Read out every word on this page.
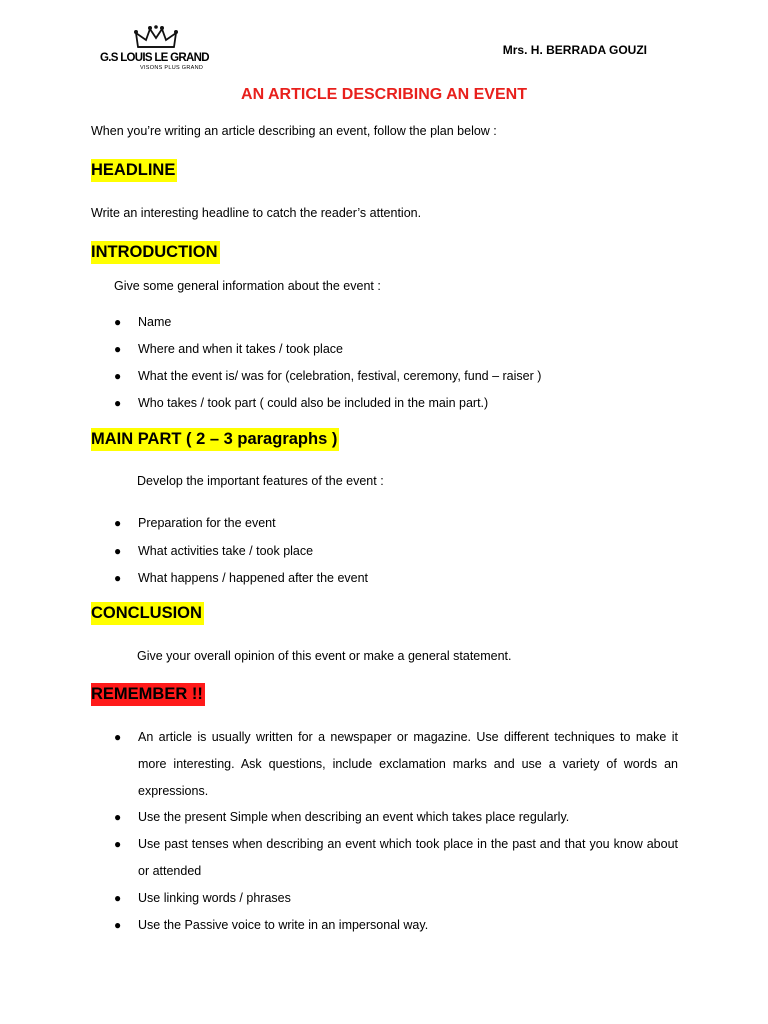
G.S LOUIS LE GRAND
VISONS PLUS GRAND
Mrs. H. BERRADA GOUZI
AN ARTICLE DESCRIBING AN EVENT
When you’re writing an article describing an event, follow the plan below :
HEADLINE
Write an interesting headline to catch the reader’s attention.
INTRODUCTION
Give some general information about the event :
● Name
● Where and when it takes / took place
● What the event is/ was for (celebration, festival, ceremony, fund – raiser )
● Who takes / took part ( could also be included in the main part.)
MAIN PART ( 2 – 3 paragraphs )
Develop the important features of the event :
● Preparation for the event
● What activities take / took place
● What happens / happened after the event
CONCLUSION
Give your overall opinion of this event or make a general statement.
REMEMBER !!
● An article is usually written for a newspaper or magazine. Use different techniques to make it more interesting. Ask questions, include exclamation marks and use a variety of words an expressions.
● Use the present Simple when describing an event which takes place regularly.
● Use past tenses when describing an event which took place in the past and that you know about or attended
● Use linking words / phrases
● Use the Passive voice to write in an impersonal way.
